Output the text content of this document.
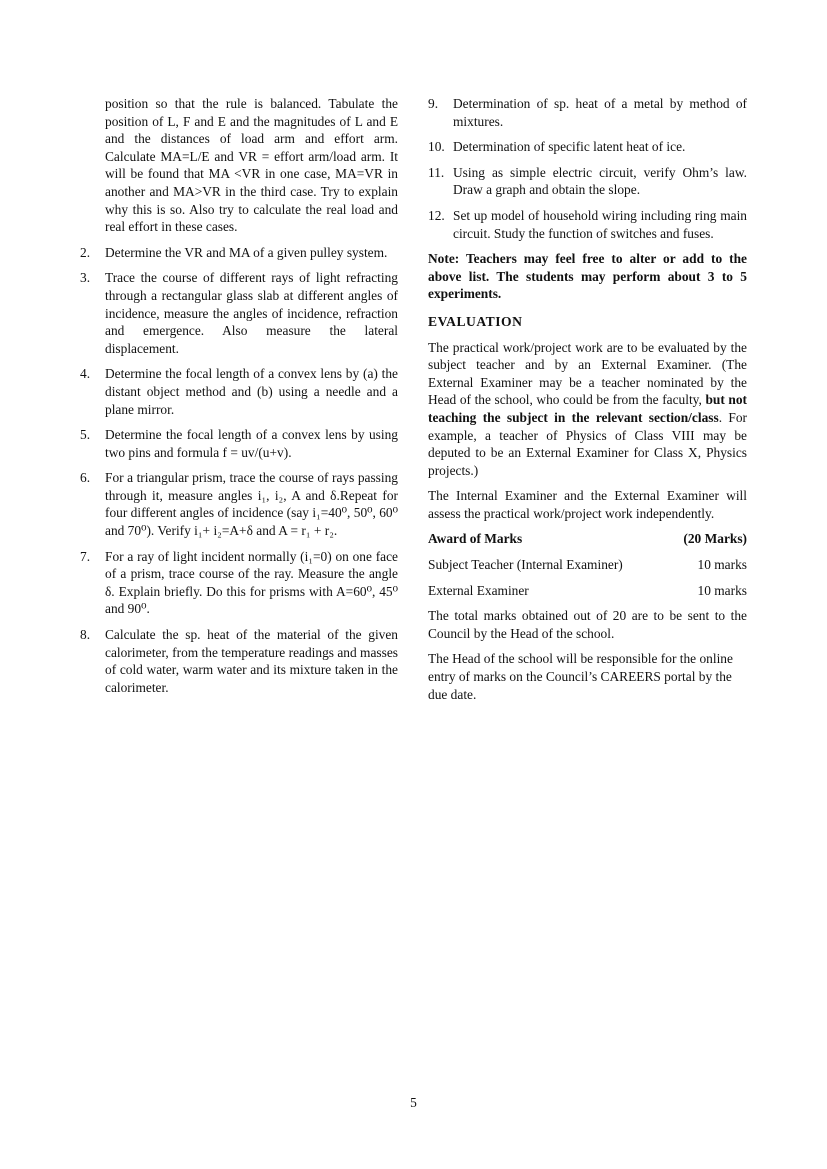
position so that the rule is balanced. Tabulate the position of L, F and E and the magnitudes of L and E and the distances of load arm and effort arm. Calculate MA=L/E and VR = effort arm/load arm. It will be found that MA <VR in one case, MA=VR in another and MA>VR in the third case. Try to explain why this is so. Also try to calculate the real load and real effort in these cases.
2. Determine the VR and MA of a given pulley system.
3. Trace the course of different rays of light refracting through a rectangular glass slab at different angles of incidence, measure the angles of incidence, refraction and emergence. Also measure the lateral displacement.
4. Determine the focal length of a convex lens by (a) the distant object method and (b) using a needle and a plane mirror.
5. Determine the focal length of a convex lens by using two pins and formula f = uv/(u+v).
6. For a triangular prism, trace the course of rays passing through it, measure angles i₁, i₂, A and δ.Repeat for four different angles of incidence (say i₁=40⁰, 50⁰, 60⁰ and 70⁰). Verify i₁+ i₂=A+δ and A = r₁ + r₂.
7. For a ray of light incident normally (i₁=0) on one face of a prism, trace course of the ray. Measure the angle δ. Explain briefly. Do this for prisms with A=60⁰, 45⁰ and 90⁰.
8. Calculate the sp. heat of the material of the given calorimeter, from the temperature readings and masses of cold water, warm water and its mixture taken in the calorimeter.
9. Determination of sp. heat of a metal by method of mixtures.
10. Determination of specific latent heat of ice.
11. Using as simple electric circuit, verify Ohm’s law. Draw a graph and obtain the slope.
12. Set up model of household wiring including ring main circuit. Study the function of switches and fuses.

Note: Teachers may feel free to alter or add to the above list. The students may perform about 3 to 5 experiments.

EVALUATION

The practical work/project work are to be evaluated by the subject teacher and by an External Examiner. (The External Examiner may be a teacher nominated by the Head of the school, who could be from the faculty, but not teaching the subject in the relevant section/class. For example, a teacher of Physics of Class VIII may be deputed to be an External Examiner for Class X, Physics projects.)

The Internal Examiner and the External Examiner will assess the practical work/project work independently.

Award of Marks	(20 Marks)
Subject Teacher (Internal Examiner)	10 marks
External Examiner	10 marks

The total marks obtained out of 20 are to be sent to the Council by the Head of the school.

The Head of the school will be responsible for the online entry of marks on the Council’s CAREERS portal by the due date.

5
